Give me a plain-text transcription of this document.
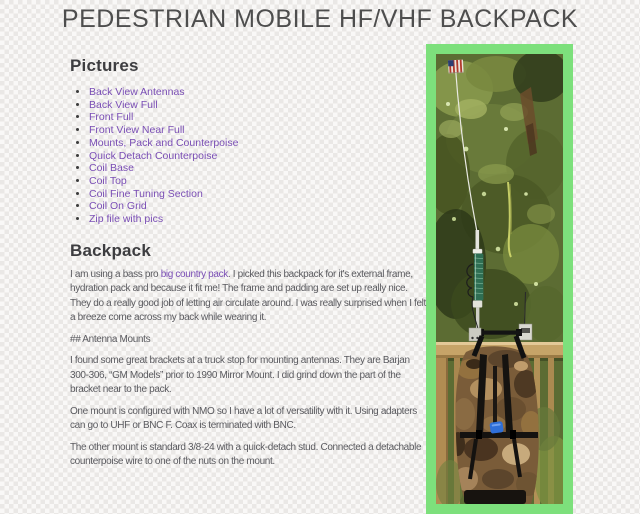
PEDESTRIAN MOBILE HF/VHF BACKPACK
Pictures
• Back View Antennas
• Back View Full
• Front Full
• Front View Near Full
• Mounts, Pack and Counterpoise
• Quick Detach Counterpoise
• Coil Base
• Coil Top
• Coil Fine Tuning Section
• Coil On Grid
• Zip file with pics
Backpack

I am using a bass pro big country pack. I picked this backpack for it's external frame, hydration pack and because it fit me! The frame and padding are set up really nice. They do a really good job of letting air circulate around. I was really surprised when I felt a breeze come across my back while wearing it.

## Antenna Mounts

I found some great brackets at a truck stop for mounting antennas. They are Barjan 300-306, “GM Models” prior to 1990 Mirror Mount. I did grind down the part of the bracket near to the pack.

One mount is configured with NMO so I have a lot of versatility with it. Using adapters can go to UHF or BNC F. Coax is terminated with BNC.

The other mount is standard 3/8-24 with a quick-detach stud. Connected a detachable counterpoise wire to one of the nuts on the mount.
